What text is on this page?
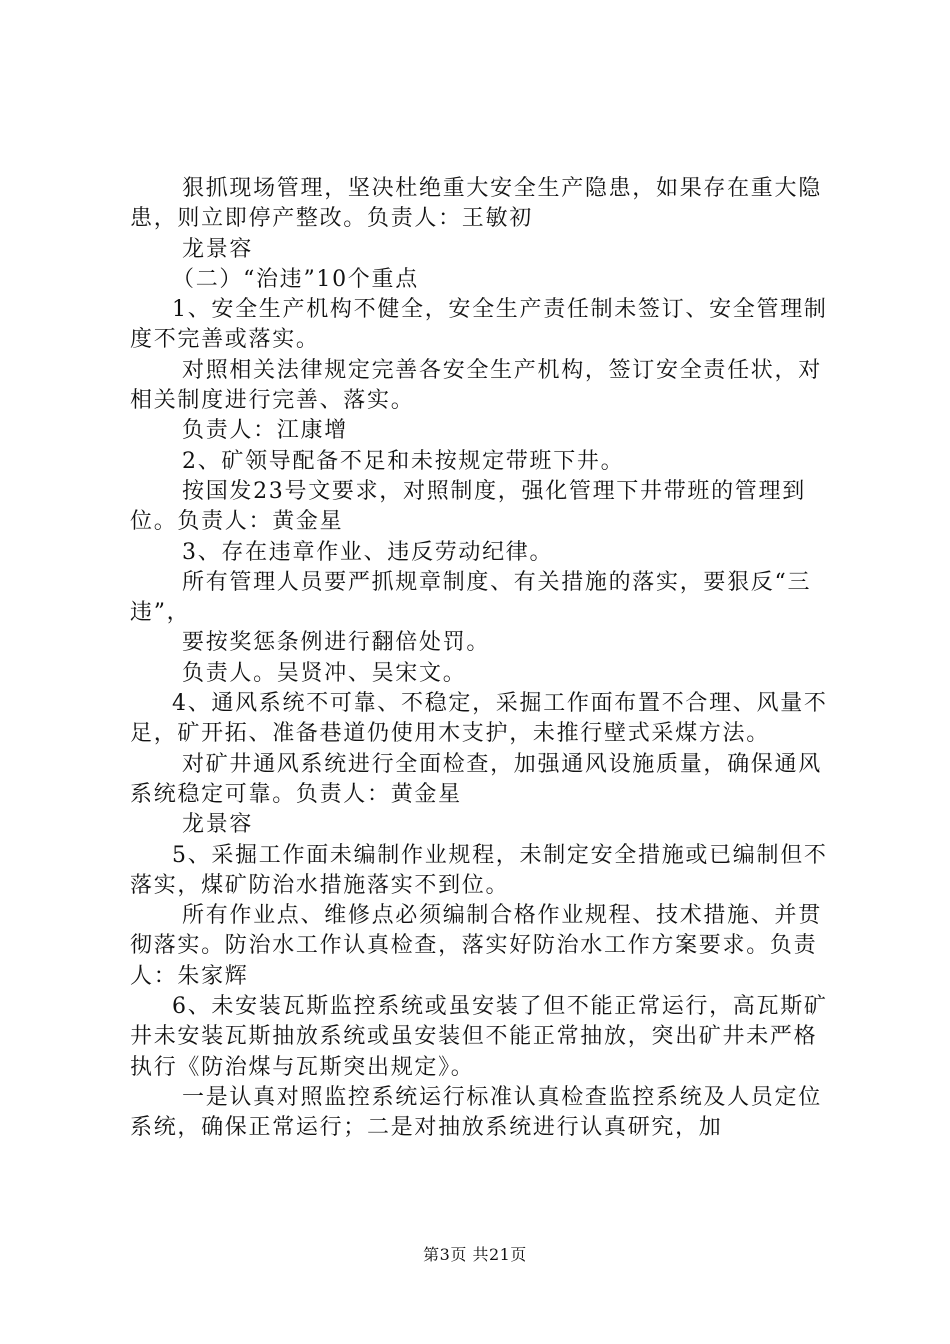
狠抓现场管理，坚决杜绝重大安全生产隐患，如果存在重大隐患，则立即停产整改。负责人：王敏初

龙景容

（二）“治违”10个重点

1、安全生产机构不健全，安全生产责任制未签订、安全管理制度不完善或落实。

对照相关法律规定完善各安全生产机构，签订安全责任状，对相关制度进行完善、落实。

负责人：江康增

2、矿领导配备不足和未按规定带班下井。

按国发23号文要求，对照制度，强化管理下井带班的管理到位。负责人：黄金星

3、存在违章作业、违反劳动纪律。

所有管理人员要严抓规章制度、有关措施的落实，要狠反“三违”，

要按奖惩条例进行翻倍处罚。

负责人。吴贤冲、吴宋文。

4、通风系统不可靠、不稳定，采掘工作面布置不合理、风量不足，矿开拓、准备巷道仍使用木支护，未推行壁式采煤方法。

对矿井通风系统进行全面检查，加强通风设施质量，确保通风系统稳定可靠。负责人：黄金星

龙景容

5、采掘工作面未编制作业规程，未制定安全措施或已编制但不落实，煤矿防治水措施落实不到位。

所有作业点、维修点必须编制合格作业规程、技术措施、并贯彻落实。防治水工作认真检查，落实好防治水工作方案要求。负责人：朱家辉

6、未安装瓦斯监控系统或虽安装了但不能正常运行，高瓦斯矿井未安装瓦斯抽放系统或虽安装但不能正常抽放，突出矿井未严格执行《防治煤与瓦斯突出规定》。

一是认真对照监控系统运行标准认真检查监控系统及人员定位系统，确保正常运行；二是对抽放系统进行认真研究，加

第3页 共21页
